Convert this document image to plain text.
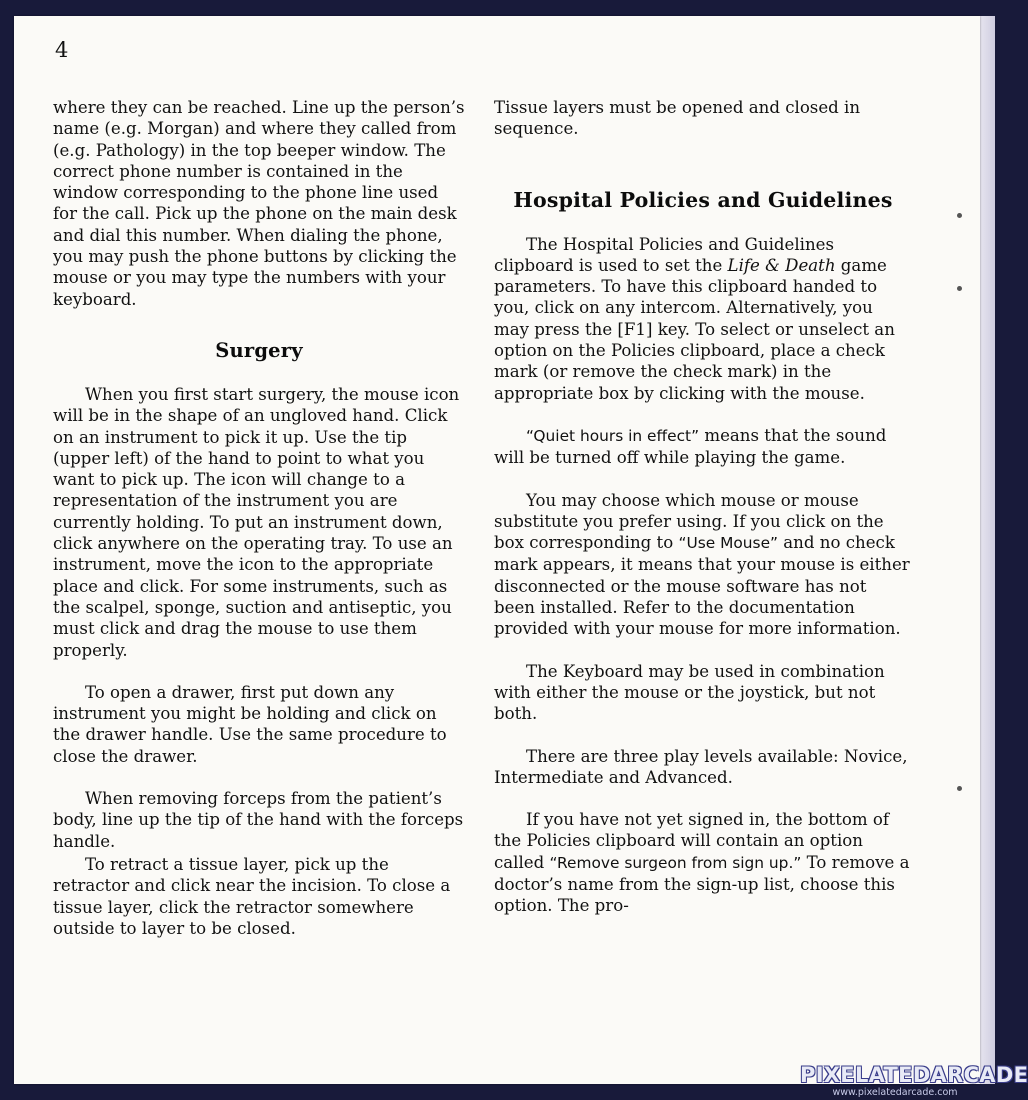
4

where they can be reached. Line up the person’s name (e.g. Morgan) and where they called from (e.g. Pathology) in the top beeper window. The correct phone number is contained in the window corresponding to the phone line used for the call. Pick up the phone on the main desk and dial this number. When dialing the phone, you may push the phone buttons by clicking the mouse or you may type the numbers with your keyboard.

Surgery

When you first start surgery, the mouse icon will be in the shape of an ungloved hand. Click on an instrument to pick it up. Use the tip (upper left) of the hand to point to what you want to pick up. The icon will change to a representation of the instrument you are currently holding. To put an instrument down, click anywhere on the operating tray. To use an instrument, move the icon to the appropriate place and click. For some instruments, such as the scalpel, sponge, suction and antiseptic, you must click and drag the mouse to use them properly.

To open a drawer, first put down any instrument you might be holding and click on the drawer handle. Use the same procedure to close the drawer.

When removing forceps from the patient’s body, line up the tip of the hand with the forceps handle.

To retract a tissue layer, pick up the retractor and click near the incision. To close a tissue layer, click the retractor somewhere outside to layer to be closed.

Tissue layers must be opened and closed in sequence.

Hospital Policies and Guidelines

The Hospital Policies and Guidelines clipboard is used to set the Life & Death game parameters. To have this clipboard handed to you, click on any intercom. Alternatively, you may press the [F1] key. To select or unselect an option on the Policies clipboard, place a check mark (or remove the check mark) in the appropriate box by clicking with the mouse.

“Quiet hours in effect” means that the sound will be turned off while playing the game.

You may choose which mouse or mouse substitute you prefer using. If you click on the box corresponding to “Use Mouse” and no check mark appears, it means that your mouse is either disconnected or the mouse software has not been installed. Refer to the documentation provided with your mouse for more information.

The Keyboard may be used in combination with either the mouse or the joystick, but not both.

There are three play levels available: Novice, Intermediate and Advanced.

If you have not yet signed in, the bottom of the Policies clipboard will contain an option called “Remove surgeon from sign up.” To remove a doctor’s name from the sign-up list, choose this option. The pro-

PIXELATEDARCADE
www.pixelatedarcade.com
